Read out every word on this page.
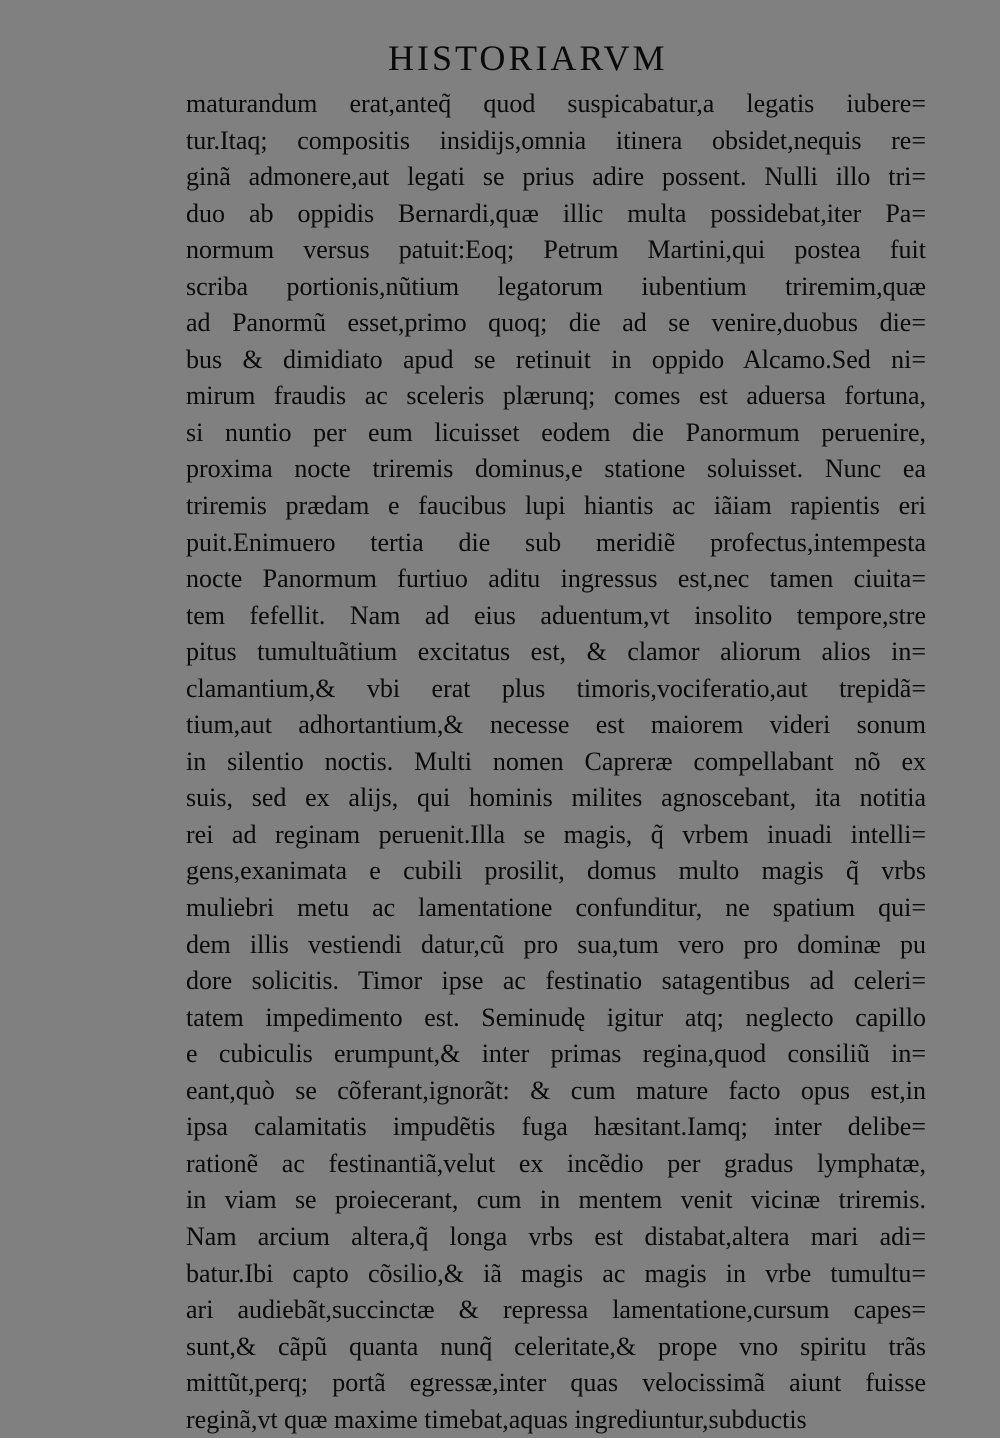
HISTORIARVM
maturandum erat,anteq̃ quod suspicabatur,a legatis iubere=
tur.Itaq; compositis insidijs,omnia itinera obsidet,nequis re=
ginã admonere,aut legati se prius adire possent. Nulli illo tri=
duo ab oppidis Bernardi,quæ illic multa possidebat,iter Pa=
normum versus patuit:Eoq; Petrum Martini,qui postea fuit
scriba portionis,nũtium legatorum iubentium triremim,quæ
ad Panormũ esset,primo quoq; die ad se venire,duobus die=
bus & dimidiato apud se retinuit in oppido Alcamo.Sed ni=
mirum fraudis ac sceleris plærunq; comes est aduersa fortuna,
si nuntio per eum licuisset eodem die Panormum peruenire,
proxima nocte triremis dominus,e statione soluisset. Nunc ea
triremis prædam e faucibus lupi hiantis ac iãiam rapientis eri
puit.Enimuero tertia die sub meridiẽ profectus,intempesta
nocte Panormum furtiuo aditu ingressus est,nec tamen ciuita=
tem fefellit. Nam ad eius aduentum,vt insolito tempore,stre
pitus tumultuãtium excitatus est, & clamor aliorum alios in=
clamantium,& vbi erat plus timoris,vociferatio,aut trepidã=
tium,aut adhortantium,& necesse est maiorem videri sonum
in silentio noctis. Multi nomen Capreræ compellabant nõ ex
suis, sed ex alijs, qui hominis milites agnoscebant, ita notitia
rei ad reginam peruenit.Illa se magis, q̃ vrbem inuadi intelli=
gens,exanimata e cubili prosilit, domus multo magis q̃ vrbs
muliebri metu ac lamentatione confunditur, ne spatium qui=
dem illis vestiendi datur,cũ pro sua,tum vero pro dominæ pu
dore solicitis. Timor ipse ac festinatio satagentibus ad celeri=
tatem impedimento est. Seminudę igitur atq; neglecto capillo
e cubiculis erumpunt,& inter primas regina,quod consiliũ in=
eant,quò se cõferant,ignorãt: & cum mature facto opus est,in
ipsa calamitatis impudẽtis fuga hæsitant.Iamq; inter delibe=
rationẽ ac festinantiã,velut ex incẽdio per gradus lymphatæ,
in viam se proiecerant, cum in mentem venit vicinæ triremis.
Nam arcium altera,q̃ longa vrbs est distabat,altera mari adi=
batur.Ibi capto cõsilio,& iã magis ac magis in vrbe tumultu=
ari audiebãt,succinctæ & repressa lamentatione,cursum capes=
sunt,& cãpũ quanta nunq̃ celeritate,& prope vno spiritu trãs
mittũt,perq; portã egressæ,inter quas velocissimã aiunt fuisse
reginã,vt quæ maxime timebat,aquas ingrediuntur,subductis
